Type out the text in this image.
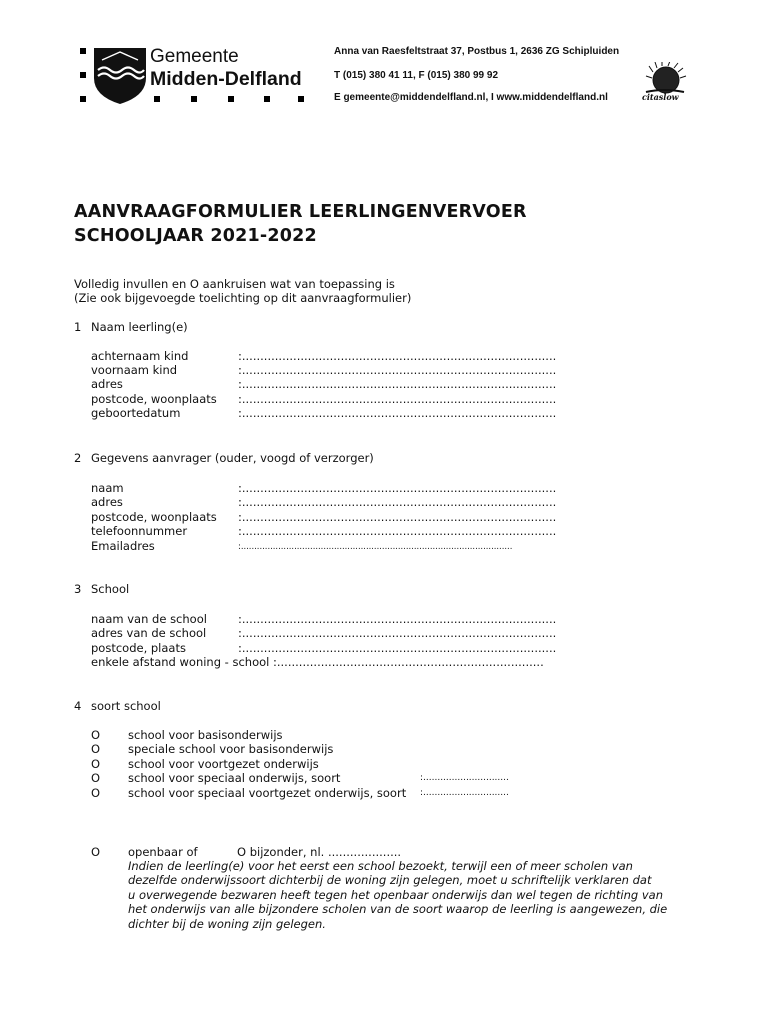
Gemeente
Midden-Delfland
Anna van Raesfeltstraat 37, Postbus 1, 2636 ZG Schipluiden
T (015) 380 41 11, F (015) 380 99 92
E gemeente@middendelfland.nl, I www.middendelfland.nl	citaslow
AANVRAAGFORMULIER LEERLINGENVERVOER
SCHOOLJAAR 2021-2022
Volledig invullen en O aankruisen wat van toepassing is
(Zie ook bijgevoegde toelichting op dit aanvraagformulier)
1 Naam leerling(e)
achternaam kind	:......................................................................................
voornaam kind	:......................................................................................
adres	:......................................................................................
postcode, woonplaats :......................................................................................
geboortedatum	:......................................................................................
2 Gegevens aanvrager (ouder, voogd of verzorger)
naam	:......................................................................................
adres	:......................................................................................
postcode, woonplaats :......................................................................................
telefoonnummer	:......................................................................................
Emailadres	:......................................................................................................
3 School
naam van de school	:......................................................................................
adres van de school	:......................................................................................
postcode, plaats	:......................................................................................
enkele afstand woning - school :.........................................................................
4 soort school
O school voor basisonderwijs
O speciale school voor basisonderwijs
O school voor voortgezet onderwijs
O school voor speciaal onderwijs, soort	:..............................
O school voor speciaal voortgezet onderwijs, soort :..............................
O openbaar of	O bijzonder, nl. ....................
Indien de leerling(e) voor het eerst een school bezoekt, terwijl een of meer scholen van
dezelfde onderwijssoort dichterbij de woning zijn gelegen, moet u schriftelijk verklaren dat
u overwegende bezwaren heeft tegen het openbaar onderwijs dan wel tegen de richting van
het onderwijs van alle bijzondere scholen van de soort waarop de leerling is aangewezen, die
dichter bij de woning zijn gelegen.
